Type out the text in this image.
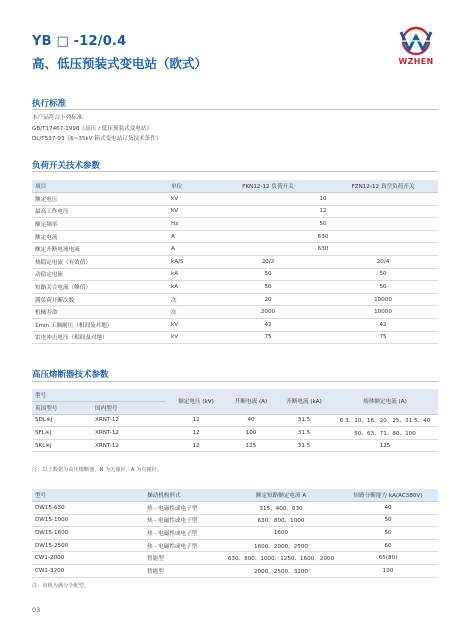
YB □ -12/0.4
高、低压预装式变电站（欧式）	WZHEN
执行标准
本产品符合下列标准：
GB/T17467-1998《高压 / 低压预装式变电站》
DL/T537-93《6~35kV 箱式变电站订货技术条件》
负荷开关技术参数
项目	单位	FKN12-12 负荷开关	FZN12-12 真空负荷开关
额定电压	kV	10	
最高工作电压	kV	12	
额定频率	Hz	50	
额定电流	A	630	
额定开断电流电流	A	630	
热稳定电流（有效值）	kA/S	20/2	20/4
动稳定电流	kA	50	50
短路关合电流（峰值）	kA	50	50
满负荷开断次数	次	20	10000
机械寿命	次	2000	10000
1min 工频耐压（相间及对地）	kV	42	42
雷电冲击电压（相间及对地）	kV	75	75
高压熔断器技术参数
型号		额定电压 (kV)	开断电流 (A)	开断电流 (kA)	熔体额定电流 (A)
英国型号	国内型号				
SDL※J	XRNT-12	12	40	31.5	6.3、10、16、20、25、31.5、40
SFL※J	XRNT-12	12	100	31.5	50、63、71、80、100
SKL※J	XRNT-12	12	125	31.5	125
注：以上数据为高压熔断器，N 为无撞针，A 为有撞针。
型号	操动机构形式	额定短路额定电流 A	短路分断能力 kA(AC380V)
DW15-630	热 - 电磁性或电子型	315、400、630	40
DW15-1000	热 - 电磁性或电子型	630、800、1000	50
DW15-1600	热 - 电磁性或电子型	1600	50
DW15-2500	热 - 电磁性或电子型	1600、2000、2500	60
CW1-2000	智能型	630、800、1000、1250、1600、2000	65(80)
CW1-3200	智能型	2000、2500、3200	100
注：该机为满分手配型。
03
